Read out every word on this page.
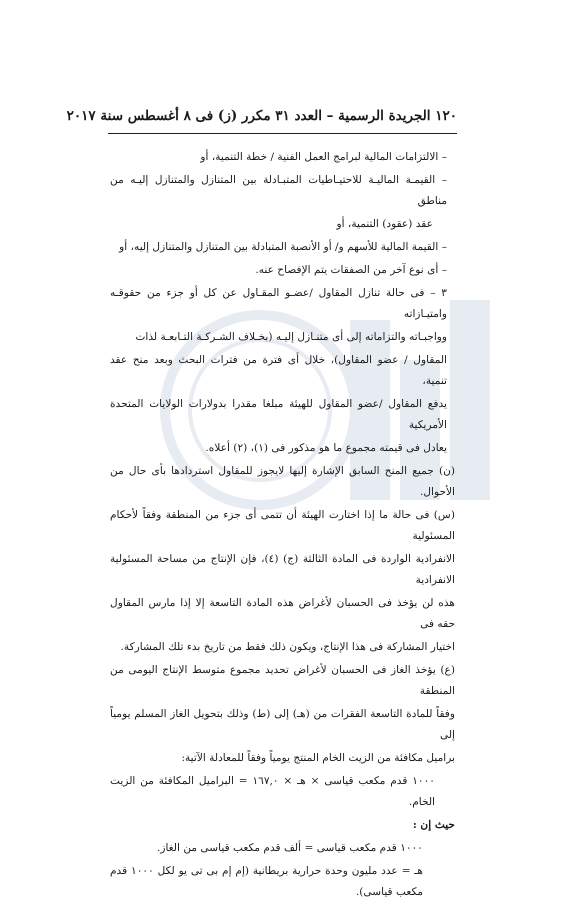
١٢٠ الجريدة الرسمية – العدد ٣١ مكرر (ز) فى ٨ أغسطس سنة ٢٠١٧

– الالتزامات المالية لبرامج العمل الفنية / خطة التنمية، أو

– القيمـة الماليـة للاحتيـاطيات المتبـادلة بين المتنازل والمتنازل إليـه من مناطق

عقد (عقود) التنمية، أو

– القيمة المالية للأسهم و/ أو الأنصبة المتبادلة بين المتنازل والمتنازل إليه، أو

– أى نوع آخر من الصفقات يتم الإفصاح عنه.

٣ – فى حالة تنازل المقاول /عضـو المقـاول عن كل أو جزء من حقوقـه وامتيـازاته

وواجبـاته والتزاماته إلى أى متنـازل إليـه (بخـلاف الشـركـة التـابعـة لذات

المقاول / عضو المقاول)، خلال أى فترة من فترات البحث وبعد منح عقد تنمية،

يدفع المقاول /عضو المقاول للهيئة مبلغا مقدرا بدولارات الولايات المتحدة الأمريكية

يعادل فى قيمته مجموع ما هو مذكور فى (١)، (٢) أعلاه.

(ن) جميع المنح السابق الإشارة إليها لايجوز للمقاول استردادها بأى حال من الأحوال.

(س) فى حالة ما إذا اختارت الهيئة أن تتمى أى جزء من المنطقة وفقاً لأحكام المسئولية

الانفرادية الواردة فى المادة الثالثة (ج) (٤)، فإن الإنتاج من مساحة المسئولية الانفرادية

هذه لن يؤخذ فى الحسبان لأغراض هذه المادة التاسعة إلا إذا مارس المقاول حقه فى

اختيار المشاركة فى هذا الإنتاج، ويكون ذلك فقط من تاريخ بدء تلك المشاركة.

(ع) يؤخذ الغاز فى الحسبان لأغراض تحديد مجموع متوسط الإنتاج اليومى من المنطقة

وفقاً للمادة التاسعة الفقرات من (هـ) إلى (ط) وذلك بتحويل الغاز المسلم يومياً إلى

براميل مكافئة من الزيت الخام المنتج يومياً وفقاً للمعادلة الآتية:

١٠٠٠ قدم مكعب قياسى × هـ × ١٦٧,٠ = البراميل المكافئة من الزيت الخام.

حيث إن :

١٠٠٠ قدم مكعب قياسى = ألف قدم مكعب قياسى من الغاز.

هـ = عدد مليون وحدة حرارية بريطانية (إم إم بى تى يو لكل ١٠٠٠ قدم مكعب قياسى).
